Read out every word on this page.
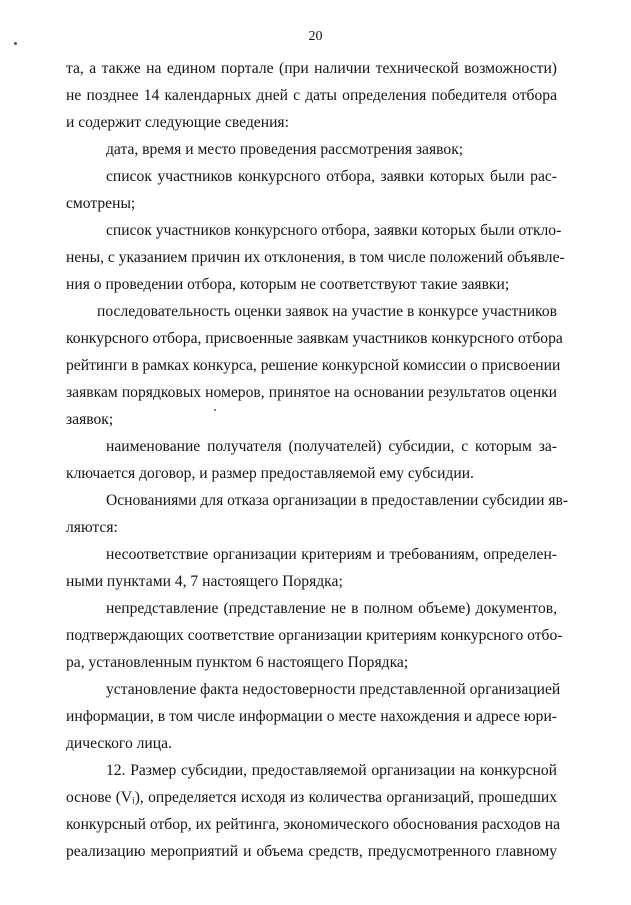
20
та, а также на едином портале (при наличии технической возможности)
не позднее 14 календарных дней с даты определения победителя отбора
и содержит следующие сведения:
дата, время и место проведения рассмотрения заявок;
список участников конкурсного отбора, заявки которых были рас-
смотрены;
список участников конкурсного отбора, заявки которых были откло-
нены, с указанием причин их отклонения, в том числе положений объявле-
ния о проведении отбора, которым не соответствуют такие заявки;
последовательность оценки заявок на участие в конкурсе участников
конкурсного отбора, присвоенные заявкам участников конкурсного отбора
рейтинги в рамках конкурса, решение конкурсной комиссии о присвоении
заявкам порядковых номеров, принятое на основании результатов оценки
заявок;
наименование получателя (получателей) субсидии, с которым за-
ключается договор, и размер предоставляемой ему субсидии.
Основаниями для отказа организации в предоставлении субсидии яв-
ляются:
несоответствие организации критериям и требованиям, определен-
ными пунктами 4, 7 настоящего Порядка;
непредставление (представление не в полном объеме) документов,
подтверждающих соответствие организации критериям конкурсного отбо-
ра, установленным пунктом 6 настоящего Порядка;
установление факта недостоверности представленной организацией
информации, в том числе информации о месте нахождения и адресе юри-
дического лица.
12. Размер субсидии, предоставляемой организации на конкурсной
основе (Vᵢ), определяется исходя из количества организаций, прошедших
конкурсный отбор, их рейтинга, экономического обоснования расходов на
реализацию мероприятий и объема средств, предусмотренного главному
